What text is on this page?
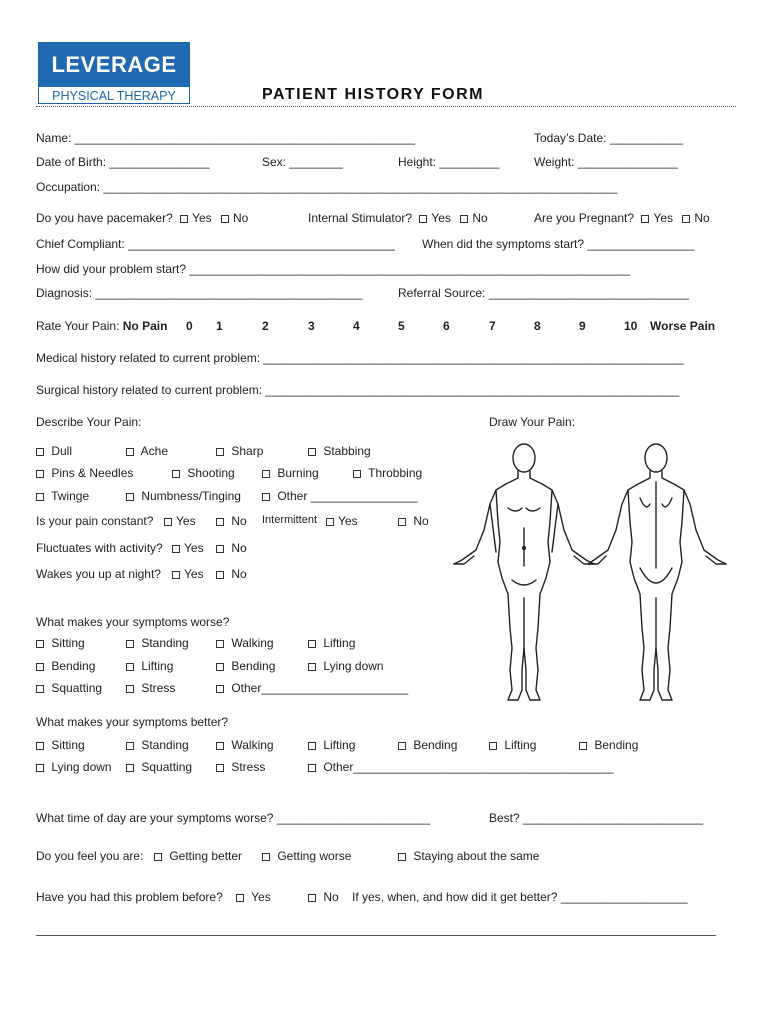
LEVERAGE
PHYSICAL THERAPY	PATIENT HISTORY FORM
Name: ___________________________________________________	Today’s Date: ___________
Date of Birth: _______________	Sex: ________	Height: _________	Weight: _______________
Occupation: _____________________________________________________________________________
Do you have pacemaker? Yes No	Internal Stimulator? Yes No	Are you Pregnant? Yes No
Chief Compliant: ________________________________________ When did the symptoms start? ________________
How did your problem start? __________________________________________________________________
Diagnosis: ________________________________________	Referral Source: ______________________________
Rate Your Pain: No Pain 0 1	2	3	4	5	6	7	8	9	10 Worse Pain
Medical history related to current problem: _______________________________________________________________
Surgical history related to current problem: ______________________________________________________________
Describe Your Pain:	Draw Your Pain:
Dull	Ache	Sharp	Stabbing
Pins & Needles	Shooting	Burning	Throbbing
Twinge	Numbness/Tinging	Other ________________
Is your pain constant?	Yes	No Intermittent	Yes	No
Fluctuates with activity?	Yes	No
Wakes you up at night?	Yes	No
What makes your symptoms worse?
Sitting	Standing	Walking	Lifting
Bending	Lifting	Bending	Lying down
Squatting	Stress	Other______________________
What makes your symptoms better?
Sitting	Standing	Walking	Lifting	Bending	Lifting	Bending
Lying down	Squatting	Stress	Other_______________________________________
What time of day are your symptoms worse? _______________________	Best? ___________________________
Do you feel you are:	Getting better	Getting worse	Staying about the same
Have you had this problem before?	Yes	No If yes, when, and how did it get better? ___________________
